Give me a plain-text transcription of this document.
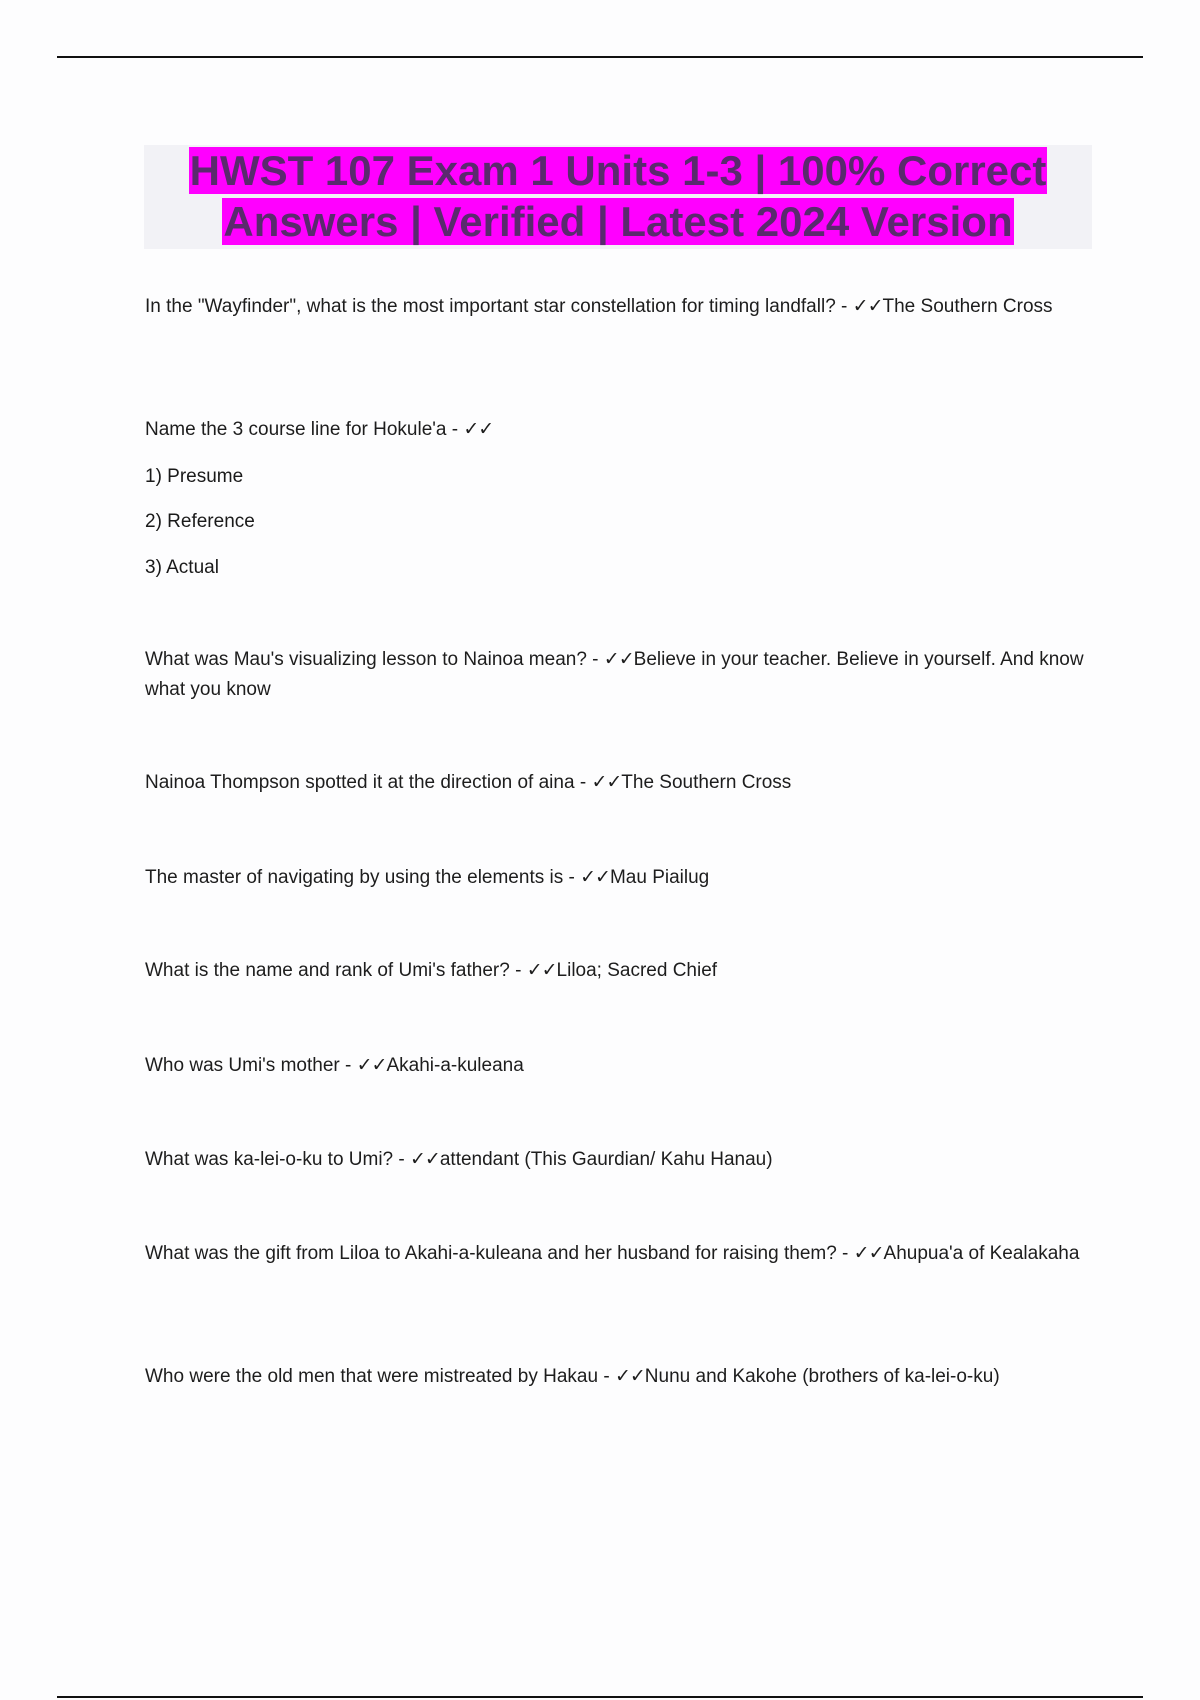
HWST 107 Exam 1 Units 1-3 | 100% Correct Answers | Verified | Latest 2024 Version
In the "Wayfinder", what is the most important star constellation for timing landfall? - ✓✓The Southern Cross
Name the 3 course line for Hokule'a - ✓✓
1) Presume
2) Reference
3) Actual
What was Mau's visualizing lesson to Nainoa mean? - ✓✓Believe in your teacher. Believe in yourself. And know what you know
Nainoa Thompson spotted it at the direction of aina - ✓✓The Southern Cross
The master of navigating by using the elements is - ✓✓Mau Piailug
What is the name and rank of Umi's father? - ✓✓Liloa; Sacred Chief
Who was Umi's mother - ✓✓Akahi-a-kuleana
What was ka-lei-o-ku to Umi? - ✓✓attendant (This Gaurdian/ Kahu Hanau)
What was the gift from Liloa to Akahi-a-kuleana and her husband for raising them? - ✓✓Ahupua'a of Kealakaha
Who were the old men that were mistreated by Hakau - ✓✓Nunu and Kakohe (brothers of ka-lei-o-ku)
